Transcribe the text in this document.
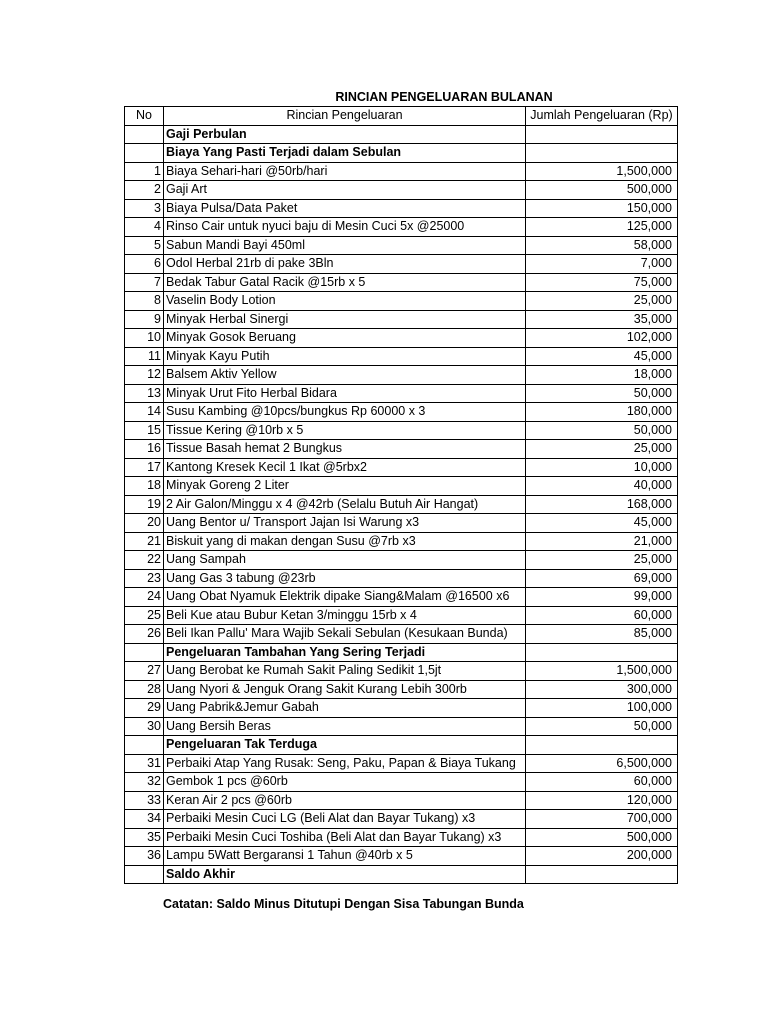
RINCIAN PENGELUARAN BULANAN
No	Rincian Pengeluaran	Jumlah Pengeluaran (Rp)
	Gaji Perbulan	
	Biaya Yang Pasti Terjadi dalam Sebulan	
1	Biaya Sehari-hari @50rb/hari	1,500,000
2	Gaji Art	500,000
3	Biaya Pulsa/Data Paket	150,000
4	Rinso Cair untuk nyuci baju di Mesin Cuci 5x @25000	125,000
5	Sabun Mandi Bayi 450ml	58,000
6	Odol Herbal 21rb di pake 3Bln	7,000
7	Bedak Tabur Gatal Racik @15rb x 5	75,000
8	Vaselin Body Lotion	25,000
9	Minyak Herbal Sinergi	35,000
10	Minyak Gosok Beruang	102,000
11	Minyak Kayu Putih	45,000
12	Balsem Aktiv Yellow	18,000
13	Minyak Urut Fito Herbal Bidara	50,000
14	Susu Kambing @10pcs/bungkus Rp 60000 x 3	180,000
15	Tissue Kering @10rb x 5	50,000
16	Tissue Basah hemat 2 Bungkus	25,000
17	Kantong Kresek Kecil 1 Ikat @5rbx2	10,000
18	Minyak Goreng 2 Liter	40,000
19	2 Air Galon/Minggu x 4 @42rb (Selalu Butuh Air Hangat)	168,000
20	Uang Bentor u/ Transport Jajan Isi Warung x3	45,000
21	Biskuit yang di makan dengan Susu @7rb x3	21,000
22	Uang Sampah	25,000
23	Uang Gas 3 tabung @23rb	69,000
24	Uang Obat Nyamuk Elektrik dipake Siang&Malam @16500 x6	99,000
25	Beli Kue atau Bubur Ketan 3/minggu 15rb x 4	60,000
26	Beli Ikan Pallu' Mara Wajib Sekali Sebulan (Kesukaan Bunda)	85,000
	Pengeluaran Tambahan Yang Sering Terjadi	
27	Uang Berobat ke Rumah Sakit Paling Sedikit 1,5jt	1,500,000
28	Uang Nyori & Jenguk Orang Sakit Kurang Lebih 300rb	300,000
29	Uang Pabrik&Jemur Gabah	100,000
30	Uang Bersih Beras	50,000
	Pengeluaran Tak Terduga	
31	Perbaiki Atap Yang Rusak: Seng, Paku, Papan & Biaya Tukang	6,500,000
32	Gembok 1 pcs @60rb	60,000
33	Keran Air 2 pcs @60rb	120,000
34	Perbaiki Mesin Cuci LG (Beli Alat dan Bayar Tukang) x3	700,000
35	Perbaiki Mesin Cuci Toshiba (Beli Alat dan Bayar Tukang) x3	500,000
36	Lampu 5Watt Bergaransi 1 Tahun @40rb x 5	200,000
	Saldo Akhir	
Catatan: Saldo Minus Ditutupi Dengan Sisa Tabungan Bunda
